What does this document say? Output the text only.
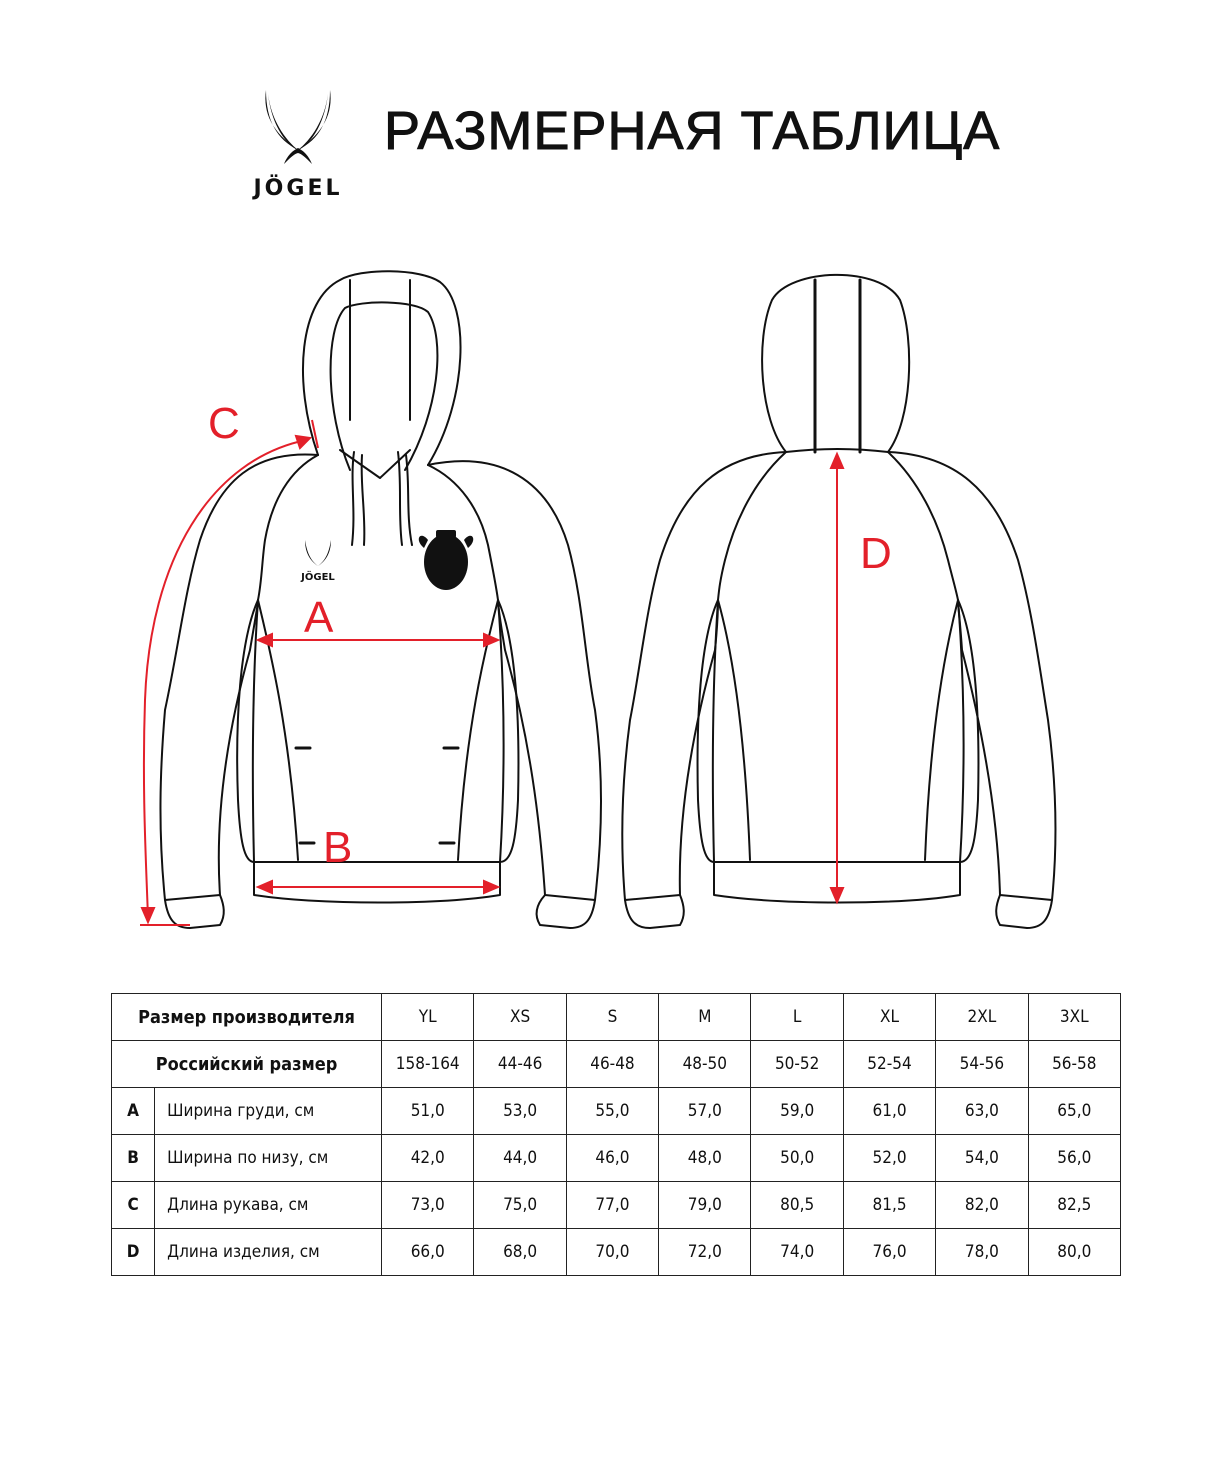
JÖGEL
РАЗМЕРНАЯ ТАБЛИЦА
JÖGEL
A
B
C
D
Размер производителя		YL	XS	S	M	L	XL	2XL	3XL
Российский размер		158-164	44-46	46-48	48-50	50-52	52-54	54-56	56-58
A	Ширина груди, см	51,0	53,0	55,0	57,0	59,0	61,0	63,0	65,0
B	Ширина по низу, см	42,0	44,0	46,0	48,0	50,0	52,0	54,0	56,0
C	Длина рукава, см	73,0	75,0	77,0	79,0	80,5	81,5	82,0	82,5
D	Длина изделия, см	66,0	68,0	70,0	72,0	74,0	76,0	78,0	80,0
